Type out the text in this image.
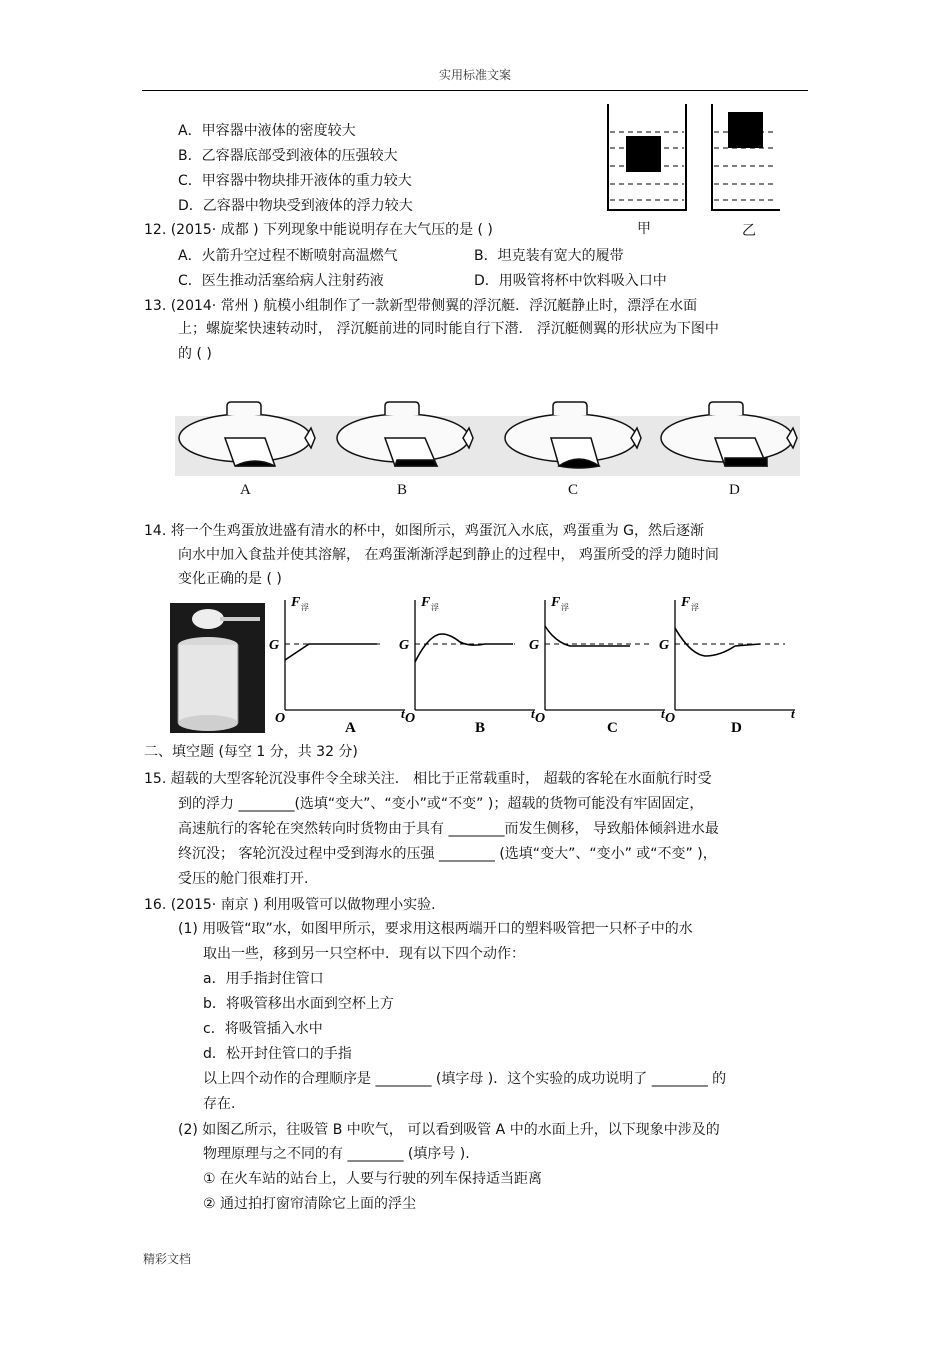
实用标准文案
A．甲容器中液体的密度较大
B．乙容器底部受到液体的压强较大
C．甲容器中物块排开液体的重力较大
D．乙容器中物块受到液体的浮力较大
甲	乙
12. (2015· 成都 ) 下列现象中能说明存在大气压的是 ( )
A．火箭升空过程不断喷射高温燃气	B．坦克装有宽大的履带
C．医生推动活塞给病人注射药液	D．用吸管将杯中饮料吸入口中
13. (2014· 常州 ) 航模小组制作了一款新型带侧翼的浮沉艇．浮沉艇静止时，漂浮在水面
上；螺旋桨快速转动时， 浮沉艇前进的同时能自行下潜． 浮沉艇侧翼的形状应为下图中
的 ( )
A	B	C	D
14. 将一个生鸡蛋放进盛有清水的杯中，如图所示，鸡蛋沉入水底，鸡蛋重为 G，然后逐渐
向水中加入食盐并使其溶解， 在鸡蛋渐渐浮起到静止的过程中， 鸡蛋所受的浮力随时间
变化正确的是 ( )
F	F	F	F
浮	浮	浮	浮
G	G	G	G
O	O	O	O
t	t	t	t
A	B	C	D
二、填空题 (每空 1 分，共 32 分)
15. 超载的大型客轮沉没事件令全球关注． 相比于正常载重时， 超载的客轮在水面航行时受
到的浮力 ________(选填“变大”、“变小”或“不变” )；超载的货物可能没有牢固固定，
高速航行的客轮在突然转向时货物由于具有 ________而发生侧移， 导致船体倾斜进水最
终沉没； 客轮沉没过程中受到海水的压强 ________ (选填“变大”、“变小” 或“不变” )，
受压的舱门很难打开.
16. (2015· 南京 ) 利用吸管可以做物理小实验.
(1) 用吸管“取”水，如图甲所示，要求用这根两端开口的塑料吸管把一只杯子中的水
取出一些，移到另一只空杯中．现有以下四个动作：
a．用手指封住管口
b．将吸管移出水面到空杯上方
c．将吸管插入水中
d．松开封住管口的手指
以上四个动作的合理顺序是 ________ (填字母 )．这个实验的成功说明了 ________ 的
存在.
(2) 如图乙所示，往吸管 B 中吹气， 可以看到吸管 A 中的水面上升，以下现象中涉及的
物理原理与之不同的有 ________ (填序号 ).
① 在火车站的站台上，人要与行驶的列车保持适当距离
② 通过拍打窗帘清除它上面的浮尘
精彩文档
